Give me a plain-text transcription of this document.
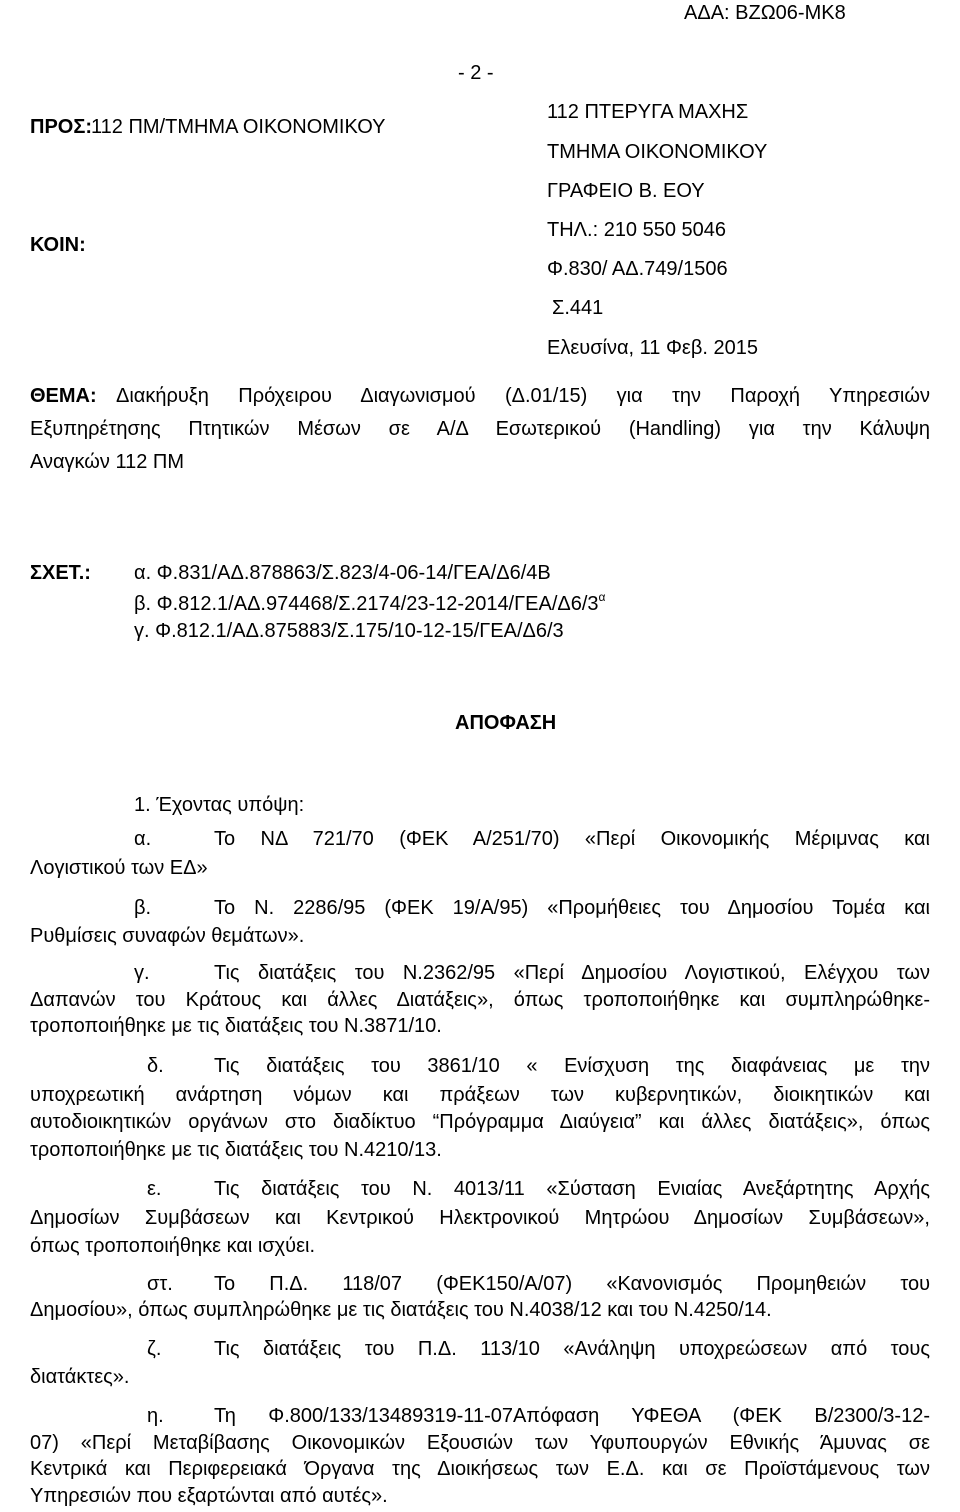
ΑΔΑ: ΒΖΩ06-ΜΚ8
- 2 -
ΠΡΟΣ:
112 ΠΜ/ΤΜΗΜΑ ΟΙΚΟΝΟΜΙΚΟΥ
ΚΟΙΝ:
112 ΠΤΕΡΥΓΑ ΜΑΧΗΣ
ΤΜΗΜΑ ΟΙΚΟΝΟΜΙΚΟΥ
ΓΡΑΦΕΙΟ Β. ΕΟΥ
ΤΗΛ.: 210 550 5046
Φ.830/ ΑΔ.749/1506
Σ.441
Ελευσίνα, 11 Φεβ. 2015
ΘΕΜΑ: Διακήρυξη Πρόχειρου Διαγωνισμού (Δ.01/15) για την Παροχή Υπηρεσιών
Εξυπηρέτησης Πτητικών Μέσων σε Α/Δ Εσωτερικού (Handling) για την Κάλυψη
Αναγκών 112 ΠΜ
ΣΧΕΤ.: α. Φ.831/ΑΔ.878863/Σ.823/4-06-14/ΓΕΑ/Δ6/4Β
β. $\Phi.812.1/A\Delta.974468/\Sigma.2174/23-12-2014/\Gamma EA/\Delta 6/3^\alpha$
γ. Φ.812.1/ΑΔ.875883/Σ.175/10-12-15/ΓΕΑ/Δ6/3
ΑΠΟΦΑΣΗ
1. Έχοντας υπόψη:
α.	Το ΝΔ 721/70 (ΦΕΚ Α/251/70) «Περί Οικονομικής Μέριμνας και
Λογιστικού των ΕΔ»
β.	Το Ν. 2286/95 (ΦΕΚ 19/Α/95) «Προμήθειες του Δημοσίου Τομέα και
Ρυθμίσεις συναφών θεμάτων».
γ.	Τις διατάξεις του Ν.2362/95 «Περί Δημοσίου Λογιστικού, Ελέγχου των
Δαπανών του Κράτους και άλλες Διατάξεις», όπως τροποποιήθηκε και συμπληρώθηκε-
τροποποιήθηκε με τις διατάξεις του Ν.3871/10.
δ.	Τις διατάξεις του 3861/10 « Ενίσχυση της διαφάνειας με την
υποχρεωτική ανάρτηση νόμων και πράξεων των κυβερνητικών, διοικητικών και
αυτοδιοικητικών οργάνων στο διαδίκτυο “Πρόγραμμα Διαύγεια” και άλλες διατάξεις», όπως
τροποποιήθηκε με τις διατάξεις του Ν.4210/13.
ε.	Τις διατάξεις του Ν. 4013/11 «Σύσταση Ενιαίας Ανεξάρτητης Αρχής
Δημοσίων Συμβάσεων και Κεντρικού Ηλεκτρονικού Μητρώου Δημοσίων Συμβάσεων»,
όπως τροποποιήθηκε και ισχύει.
στ. Το Π.Δ. 118/07 (ΦΕΚ150/Α/07) «Κανονισμός Προμηθειών του
Δημοσίου», όπως συμπληρώθηκε με τις διατάξεις του Ν.4038/12 και του Ν.4250/14.
ζ.	Τις διατάξεις του Π.Δ. 113/10 «Ανάληψη υποχρεώσεων από τους
διατάκτες».
η.	Τη Φ.800/133/13489319-11-07Απόφαση ΥΦΕΘΑ (ΦΕΚ Β/2300/3-12-
07) «Περί Μεταβίβασης Οικονομικών Εξουσιών των Υφυπουργών Εθνικής Άμυνας σε
Κεντρικά και Περιφερειακά Όργανα της Διοικήσεως των Ε.Δ. και σε Προϊστάμενους των
Υπηρεσιών που εξαρτώνται από αυτές».
